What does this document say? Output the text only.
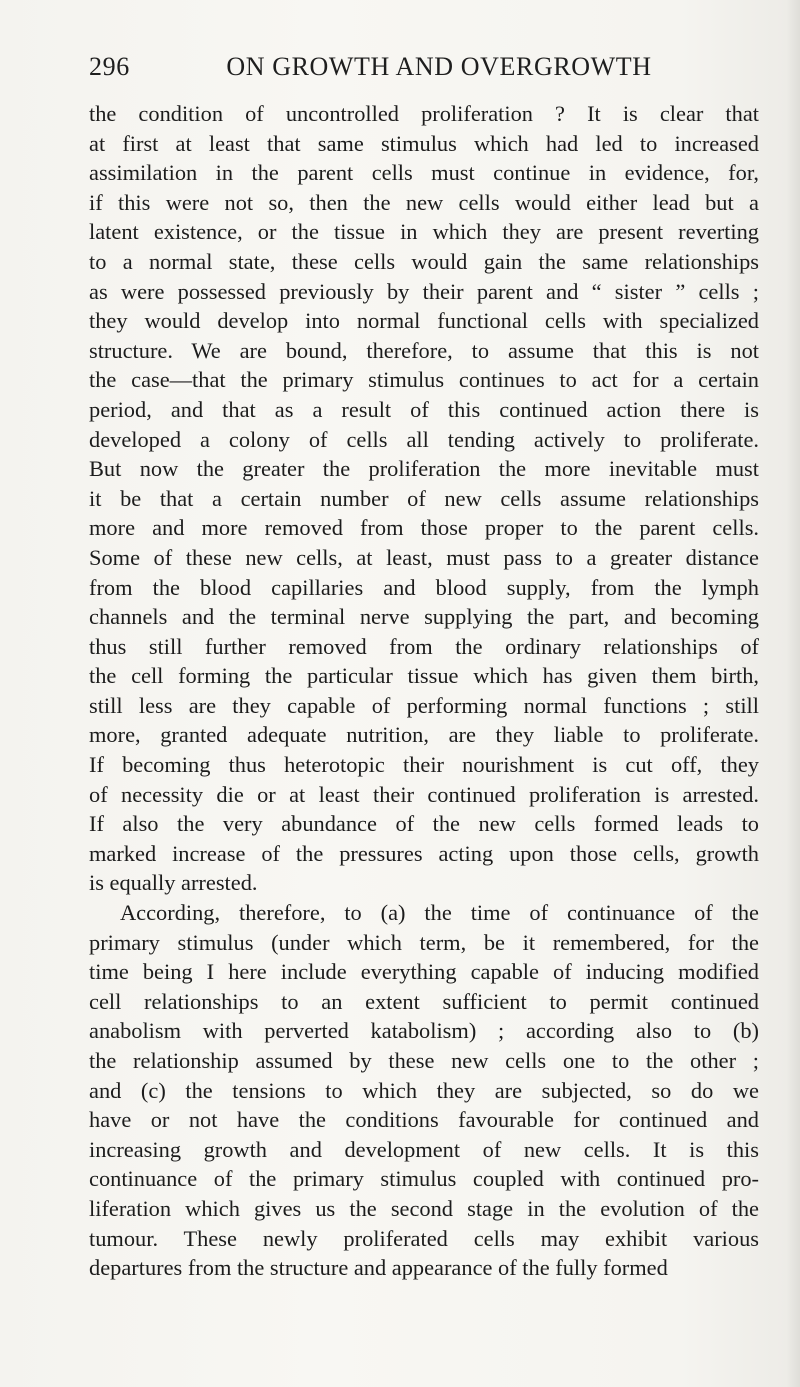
296	ON GROWTH AND OVERGROWTH
the condition of uncontrolled proliferation ? It is clear that
at first at least that same stimulus which had led to increased
assimilation in the parent cells must continue in evidence, for,
if this were not so, then the new cells would either lead but a
latent existence, or the tissue in which they are present reverting
to a normal state, these cells would gain the same relationships
as were possessed previously by their parent and “ sister ” cells ;
they would develop into normal functional cells with specialized
structure. We are bound, therefore, to assume that this is not
the case—that the primary stimulus continues to act for a certain
period, and that as a result of this continued action there is
developed a colony of cells all tending actively to proliferate.
But now the greater the proliferation the more inevitable must
it be that a certain number of new cells assume relationships
more and more removed from those proper to the parent cells.
Some of these new cells, at least, must pass to a greater distance
from the blood capillaries and blood supply, from the lymph
channels and the terminal nerve supplying the part, and becoming
thus still further removed from the ordinary relationships of
the cell forming the particular tissue which has given them birth,
still less are they capable of performing normal functions ; still
more, granted adequate nutrition, are they liable to proliferate.
If becoming thus heterotopic their nourishment is cut off, they
of necessity die or at least their continued proliferation is arrested.
If also the very abundance of the new cells formed leads to
marked increase of the pressures acting upon those cells, growth
is equally arrested.
According, therefore, to (a) the time of continuance of the
primary stimulus (under which term, be it remembered, for the
time being I here include everything capable of inducing modified
cell relationships to an extent sufficient to permit continued
anabolism with perverted katabolism) ; according also to (b)
the relationship assumed by these new cells one to the other ;
and (c) the tensions to which they are subjected, so do we
have or not have the conditions favourable for continued and
increasing growth and development of new cells. It is this
continuance of the primary stimulus coupled with continued pro-
liferation which gives us the second stage in the evolution of the
tumour. These newly proliferated cells may exhibit various
departures from the structure and appearance of the fully formed
